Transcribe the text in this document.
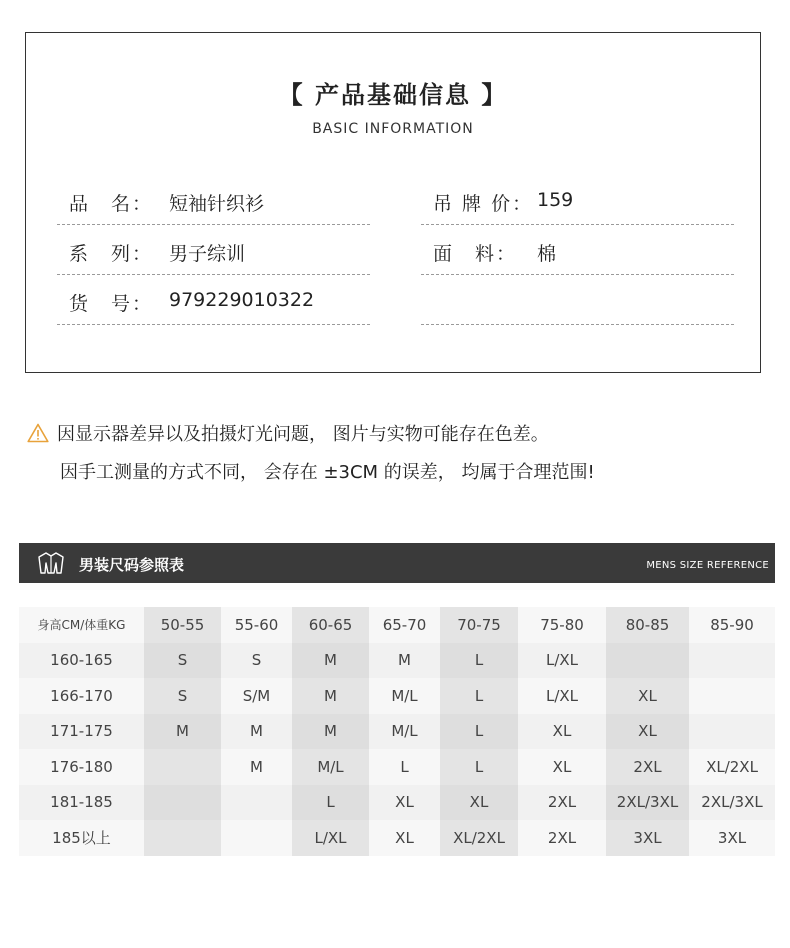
【 产品基础信息 】
BASIC INFORMATION
品　名： 短袖针织衫	吊 牌 价： 159
系　列： 男子综训	面　料： 棉
货　号： 979229010322
因显示器差异以及拍摄灯光问题， 图片与实物可能存在色差。
因手工测量的方式不同， 会存在 ±3CM 的误差， 均属于合理范围!
男装尺码参照表	MENS SIZE REFERENCE
身高CM/体重KG	50-55	55-60	60-65	65-70	70-75	75-80	80-85	85-90
160-165	S	S	M	M	L	L/XL		
166-170	S	S/M	M	M/L	L	L/XL	XL	
171-175	M	M	M	M/L	L	XL	XL	
176-180		M	M/L	L	L	XL	2XL	XL/2XL
181-185			L	XL	XL	2XL	2XL/3XL	2XL/3XL
185以上			L/XL	XL	XL/2XL	2XL	3XL	3XL
